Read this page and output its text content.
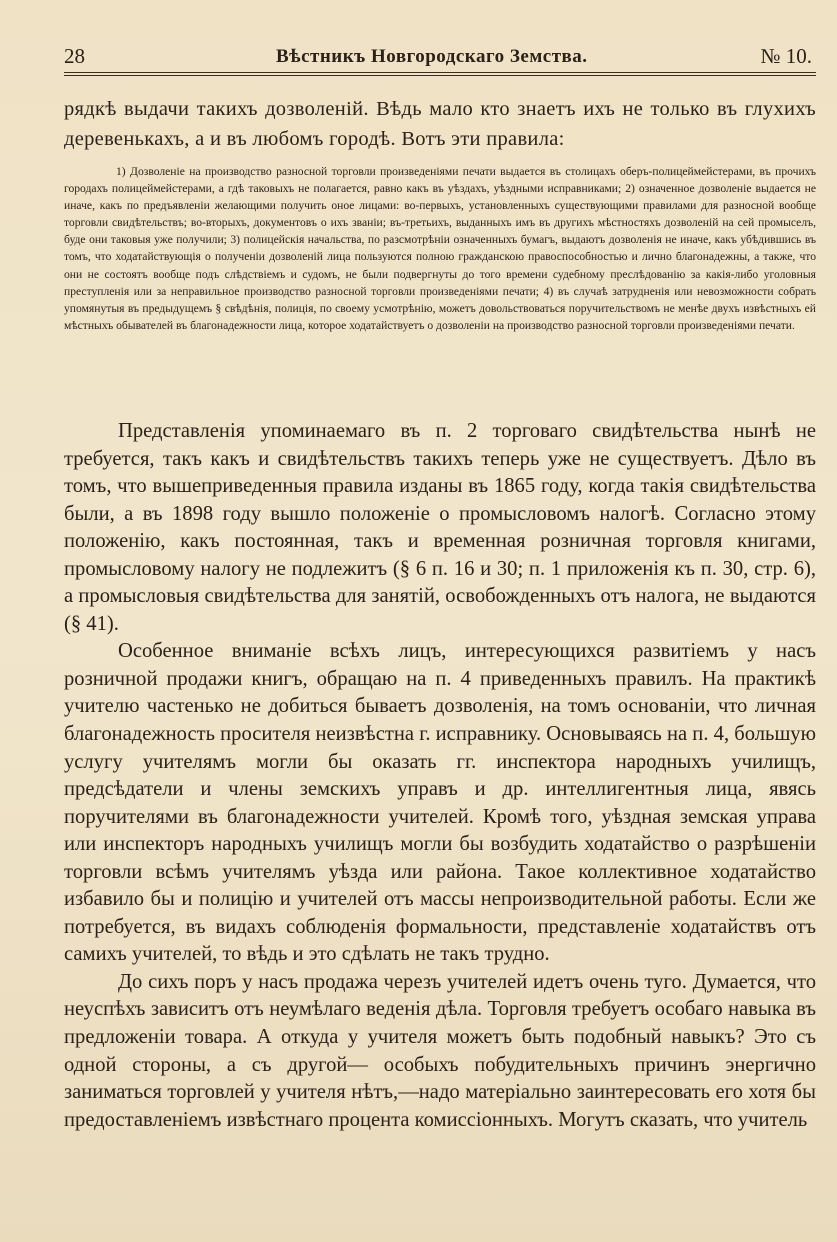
28	Вѣстникъ Новгородскаго Земства.	№ 10.
рядкѣ выдачи такихъ дозволеній. Вѣдь мало кто знаетъ ихъ не только въ глухихъ деревенькахъ, а и въ любомъ городѣ. Вотъ эти правила:

1) Дозволеніе на производство разносной торговли произведеніями печати выдается въ столицахъ оберъ-полицеймейстерами, въ прочихъ городахъ полицеймейстерами, а гдѣ таковыхъ не полагается, равно какъ въ уѣздахъ, уѣздными исправниками; 2) означенное дозволеніе выдается не иначе, какъ по предъявленіи желающими получить оное лицами: во-первыхъ, установленныхъ существующими правилами для разносной вообще торговли свидѣтельствъ; во-вторыхъ, документовъ о ихъ званіи; въ-третьихъ, выданныхъ имъ въ другихъ мѣстностяхъ дозволеній на сей промыселъ, буде они таковыя уже получили; 3) полицейскія начальства, по разсмотрѣніи означенныхъ бумагъ, выдаютъ дозволенія не иначе, какъ убѣдившись въ томъ, что ходатайствующія о полученіи дозволеній лица пользуются полною гражданскою правоспособностью и лично благонадежны, а также, что они не состоятъ вообще подъ слѣдствіемъ и судомъ, не были подвергнуты до того времени судебному преслѣдованію за какія-либо уголовныя преступленія или за неправильное производство разносной торговли произведеніями печати; 4) въ случаѣ затрудненія или невозможности собрать упомянутыя въ предыдущемъ § свѣдѣнія, полиція, по своему усмотрѣнію, можетъ довольствоваться поручительствомъ не менѣе двухъ извѣстныхъ ей мѣстныхъ обывателей въ благонадежности лица, которое ходатайствуетъ о дозволеніи на производство разносной торговли произведеніями печати.

Представленія упоминаемаго въ п. 2 торговаго свидѣтельства нынѣ не требуется, такъ какъ и свидѣтельствъ такихъ теперь уже не существуетъ. Дѣло въ томъ, что вышеприведенныя правила изданы въ 1865 году, когда такія свидѣтельства были, а въ 1898 году вышло положеніе о промысловомъ налогѣ. Согласно этому положенію, какъ постоянная, такъ и временная розничная торговля книгами, промысловому налогу не подлежитъ (§ 6 п. 16 и 30; п. 1 приложенія къ п. 30, стр. 6), а промысловыя свидѣтельства для занятій, освобожденныхъ отъ налога, не выдаются (§ 41).

Особенное вниманіе всѣхъ лицъ, интересующихся развитіемъ у насъ розничной продажи книгъ, обращаю на п. 4 приведенныхъ правилъ. На практикѣ учителю частенько не добиться бываетъ дозволенія, на томъ основаніи, что личная благонадежность просителя неизвѣстна г. исправнику. Основываясь на п. 4, большую услугу учителямъ могли бы оказать гг. инспектора народныхъ училищъ, предсѣдатели и члены земскихъ управъ и др. интеллигентныя лица, явясь поручителями въ благонадежности учителей. Кромѣ того, уѣздная земская управа или инспекторъ народныхъ училищъ могли бы возбудить ходатайство о разрѣшеніи торговли всѣмъ учителямъ уѣзда или района. Такое коллективное ходатайство избавило бы и полицію и учителей отъ массы непроизводительной работы. Если же потребуется, въ видахъ соблюденія формальности, представленіе ходатайствъ отъ самихъ учителей, то вѣдь и это сдѣлать не такъ трудно.

До сихъ поръ у насъ продажа черезъ учителей идетъ очень туго. Думается, что неуспѣхъ зависитъ отъ неумѣлаго веденія дѣла. Торговля требуетъ особаго навыка въ предложеніи товара. А откуда у учителя можетъ быть подобный навыкъ? Это съ одной стороны, а съ другой— особыхъ побудительныхъ причинъ энергично заниматься торговлей у учителя нѣтъ,—надо матеріально заинтересовать его хотя бы предоставленіемъ извѣстнаго процента комиссіонныхъ. Могутъ сказать, что учитель
